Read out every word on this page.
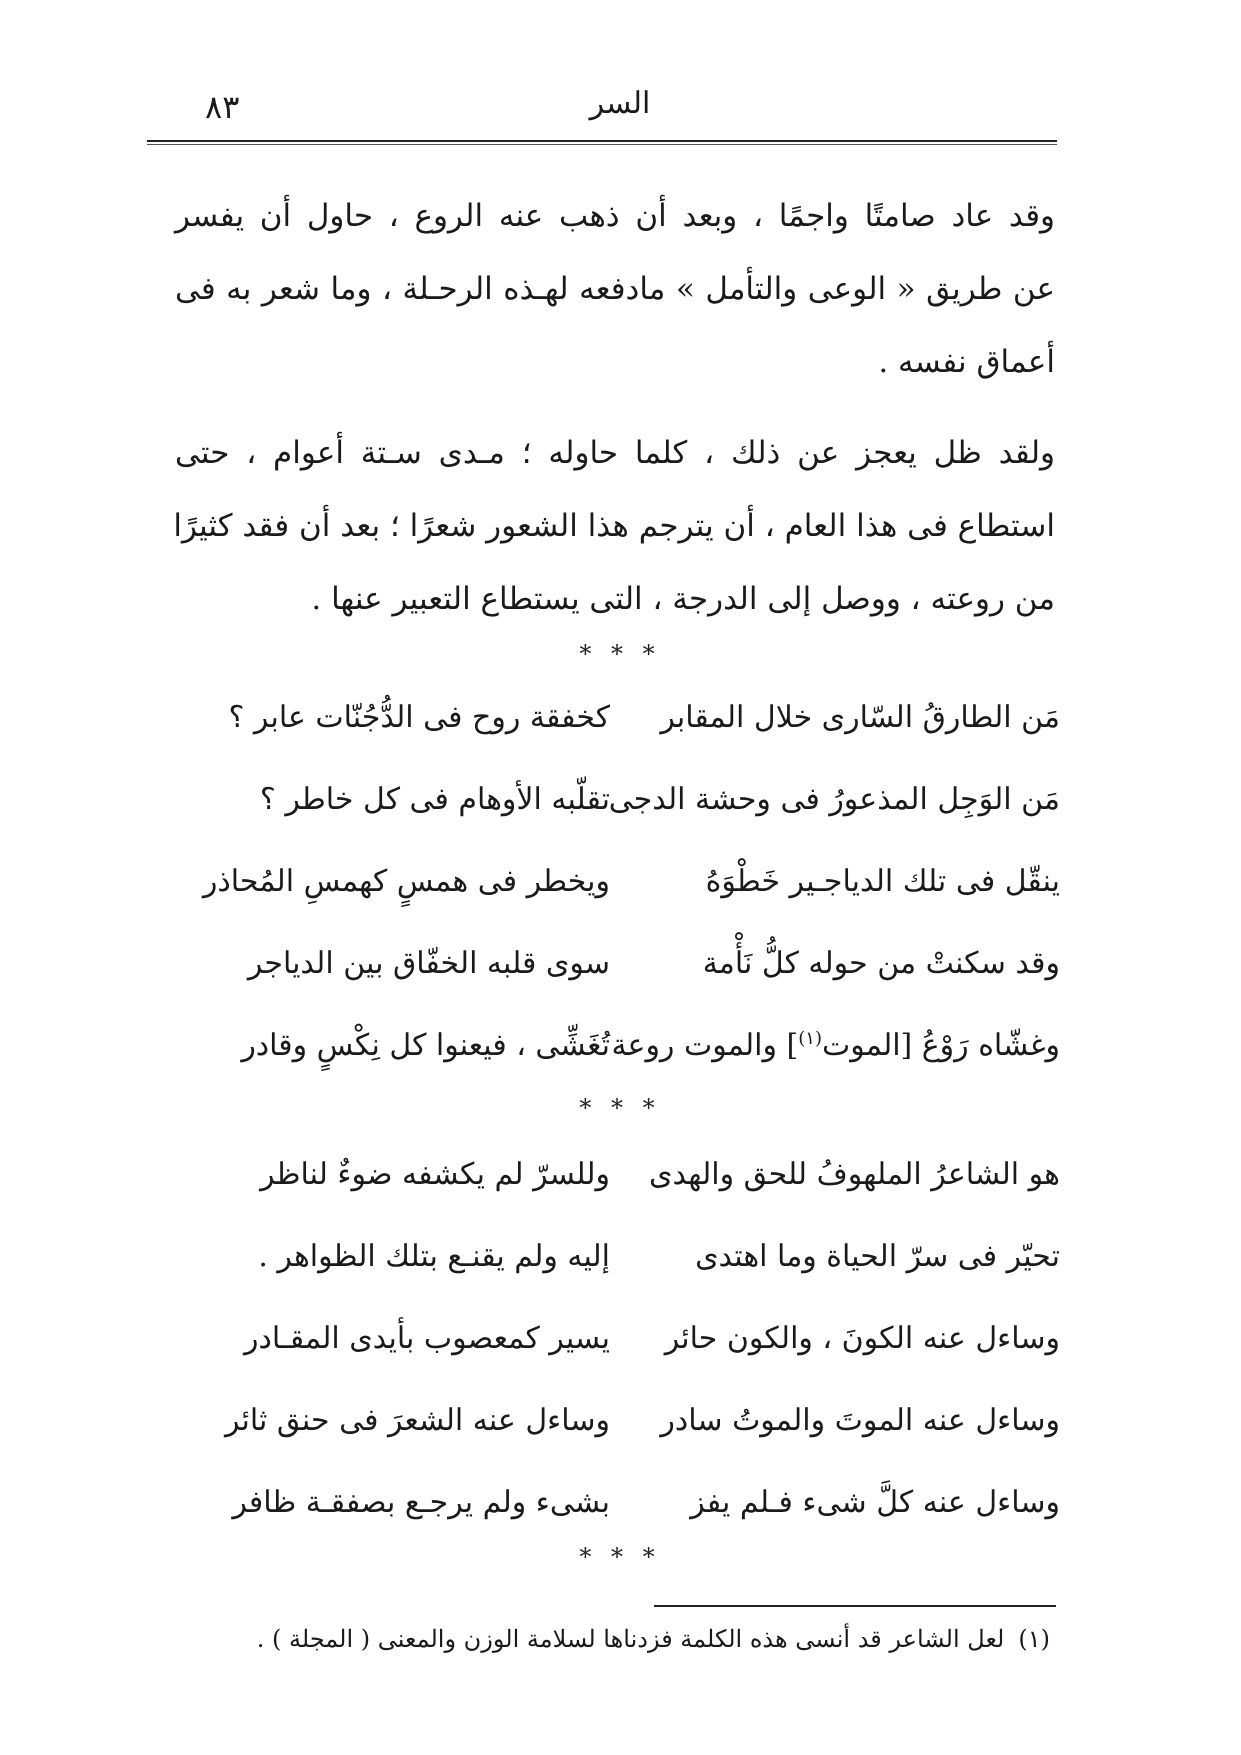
السر
٨٣
وقد عاد صامتًا واجمًا ، وبعد أن ذهب عنه الروع ، حاول أن يفسر
عن طريق « الوعى والتأمل » مادفعه لهـذه الرحـلة ، وما شعر به فى
أعماق نفسه .
ولقد ظل يعجز عن ذلك ، كلما حاوله ؛ مـدى سـتة أعوام ، حتى
استطاع فى هذا العام ، أن يترجم هذا الشعور شعرًا ؛ بعد أن فقد كثيرًا
من روعته ، ووصل إلى الدرجة ، التى يستطاع التعبير عنها .
* * *
مَن الطارقُ السّارى خلال المقابر
كخفقة روح فى الدُّجُنّات عابر ؟
مَن الوَجِل المذعورُ فى وحشة الدجى
تقلّبه الأوهام فى كل خاطر ؟
ينقّل فى تلك الدياجـير خَطْوَهُ
ويخطر فى همسٍ كهمسِ المُحاذر
وقد سكنتْ من حوله كلُّ نَأْمة
سوى قلبه الخفّاق بين الدياجر
وغشّاه رَوْعُ [الموت$^{(١)}$] والموت روعة
تُغَشِّى ، فيعنوا كل نِكْسٍ وقادر
* * *
هو الشاعرُ الملهوفُ للحق والهدى
وللسرّ لم يكشفه ضوءٌ لناظر
تحيّر فى سرّ الحياة وما اهتدى
إليه ولم يقنـع بتلك الظواهر .
وساءل عنه الكونَ ، والكون حائر
يسير كمعصوب بأيدى المقـادر
وساءل عنه الموتَ والموتُ سادر
وساءل عنه الشعرَ فى حنق ثائر
وساءل عنه كلَّ شىء فـلم يفز
بشىء ولم يرجـع بصفقـة ظافر
* * *
(١)لعل الشاعر قد أنسى هذه الكلمة فزدناها لسلامة الوزن والمعنى ( المجلة ) .
